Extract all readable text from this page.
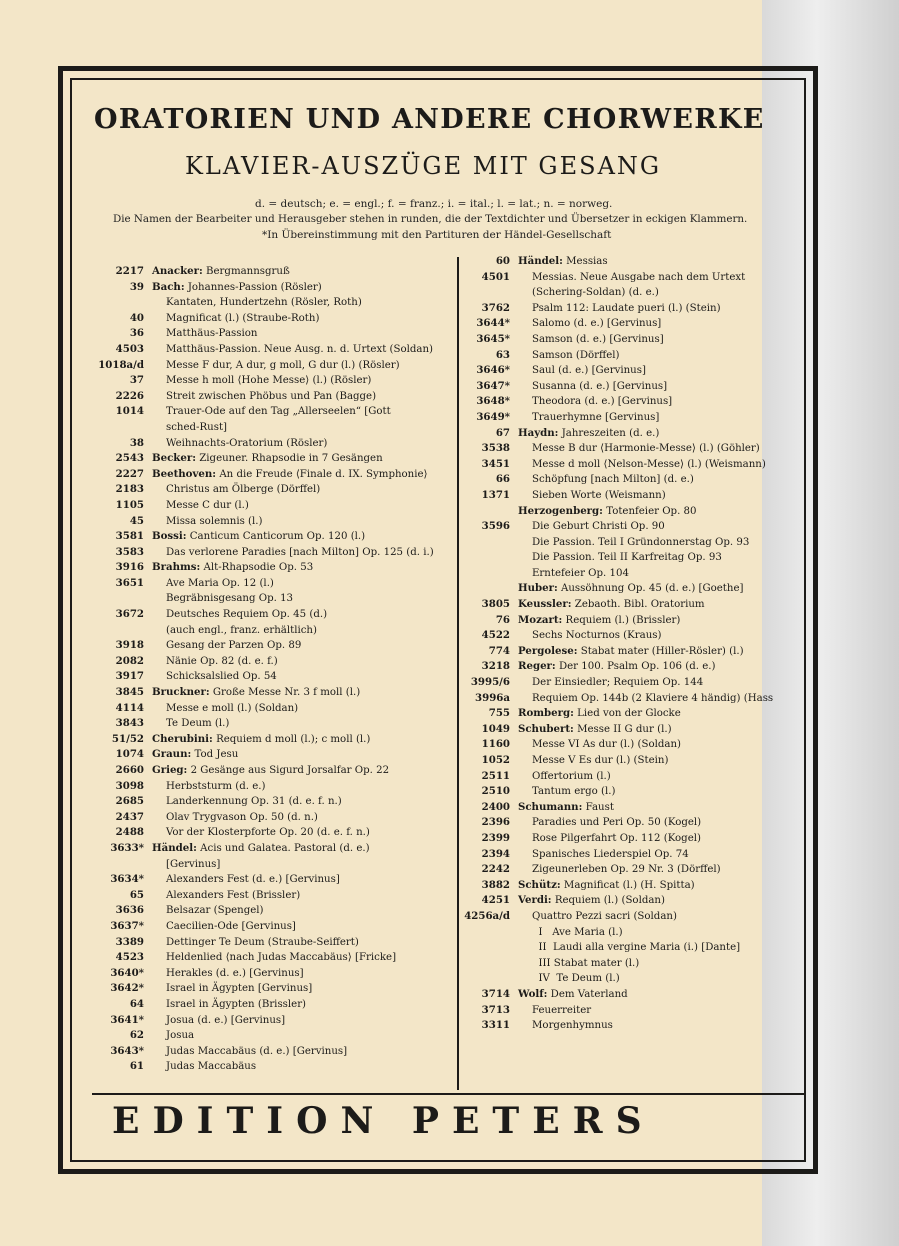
ORATORIEN UND ANDERE CHORWERKE
KLAVIER-AUSZÜGE MIT GESANG
d. = deutsch; e. = engl.; f. = franz.; i. = ital.; l. = lat.; n. = norweg.
Die Namen der Bearbeiter und Herausgeber stehen in runden, die der Textdichter und Übersetzer in eckigen Klammern.
*In Übereinstimmung mit den Partituren der Händel-Gesellschaft
2217 Anacker: Bergmannsgruß
39 Bach: Johannes-Passion (Rösler)
Kantaten, Hundertzehn (Rösler, Roth)
40	Magnificat (l.) (Straube-Roth)
36	Matthäus-Passion
4503	Matthäus-Passion. Neue Ausg. n. d. Urtext (Soldan)
1018a/d	Messe F dur, A dur, g moll, G dur (l.) (Rösler)
37	Messe h moll ⟨Hohe Messe⟩ (l.) (Rösler)
2226	Streit zwischen Phöbus und Pan (Bagge)
1014	Trauer-Ode auf den Tag „Allerseelen“ [Gott
sched-Rust]
38	Weihnachts-Oratorium (Rösler)
2543 Becker: Zigeuner. Rhapsodie in 7 Gesängen
2227 Beethoven: An die Freude ⟨Finale d. IX. Symphonie⟩
2183	Christus am Ölberge (Dörffel)
1105	Messe C dur (l.)
45	Missa solemnis (l.)
3581 Bossi: Canticum Canticorum Op. 120 (l.)
3583	Das verlorene Paradies [nach Milton] Op. 125 (d. i.)
3916 Brahms: Alt-Rhapsodie Op. 53
3651	Ave Maria Op. 12 (l.)
Begräbnisgesang Op. 13
3672	Deutsches Requiem Op. 45 (d.)
(auch engl., franz. erhältlich)
3918	Gesang der Parzen Op. 89
2082	Nänie Op. 82 (d. e. f.)
3917	Schicksalslied Op. 54
3845 Bruckner: Große Messe Nr. 3 f moll (l.)
4114	Messe e moll (l.) (Soldan)
3843	Te Deum (l.)
51/52 Cherubini: Requiem d moll (l.); c moll (l.)
1074 Graun: Tod Jesu
2660 Grieg: 2 Gesänge aus Sigurd Jorsalfar Op. 22
3098	Herbststurm (d. e.)
2685	Landerkennung Op. 31 (d. e. f. n.)
2437	Olav Trygvason Op. 50 (d. n.)
2488	Vor der Klosterpforte Op. 20 (d. e. f. n.)
3633* Händel: Acis und Galatea. Pastoral (d. e.)
[Gervinus]
3634*	Alexanders Fest (d. e.) [Gervinus]
65	Alexanders Fest (Brissler)
3636	Belsazar (Spengel)
3637*	Caecilien-Ode [Gervinus]
3389	Dettinger Te Deum (Straube-Seiffert)
4523	Heldenlied ⟨nach Judas Maccabäus⟩ [Fricke]
3640*	Herakles (d. e.) [Gervinus]
3642*	Israel in Ägypten [Gervinus]
64	Israel in Ägypten (Brissler)
3641*	Josua (d. e.) [Gervinus]
62	Josua
3643*	Judas Maccabäus (d. e.) [Gervinus]
61	Judas Maccabäus
60 Händel: Messias
4501	Messias. Neue Ausgabe nach dem Urtext
(Schering-Soldan) (d. e.)
3762	Psalm 112: Laudate pueri (l.) (Stein)
3644*	Salomo (d. e.) [Gervinus]
3645*	Samson (d. e.) [Gervinus]
63	Samson (Dörffel)
3646*	Saul (d. e.) [Gervinus]
3647*	Susanna (d. e.) [Gervinus]
3648*	Theodora (d. e.) [Gervinus]
3649*	Trauerhymne [Gervinus]
67 Haydn: Jahreszeiten (d. e.)
3538	Messe B dur ⟨Harmonie-Messe⟩ (l.) (Göhler)
3451	Messe d moll ⟨Nelson-Messe⟩ (l.) (Weismann)
66	Schöpfung [nach Milton] (d. e.)
1371	Sieben Worte (Weismann)
Herzogenberg: Totenfeier Op. 80
3596	Die Geburt Christi Op. 90
Die Passion. Teil I Gründonnerstag Op. 93
Die Passion. Teil II Karfreitag Op. 93
Erntefeier Op. 104
Huber: Aussöhnung Op. 45 (d. e.) [Goethe]
3805 Keussler: Zebaoth. Bibl. Oratorium
76 Mozart: Requiem (l.) (Brissler)
4522	Sechs Nocturnos (Kraus)
774 Pergolese: Stabat mater (Hiller-Rösler) (l.)
3218 Reger: Der 100. Psalm Op. 106 (d. e.)
3995/6	Der Einsiedler; Requiem Op. 144
3996a	Requiem Op. 144b (2 Klaviere 4 händig) (Hass
755 Romberg: Lied von der Glocke
1049 Schubert: Messe II G dur (l.)
1160	Messe VI As dur (l.) (Soldan)
1052	Messe V Es dur (l.) (Stein)
2511	Offertorium (l.)
2510	Tantum ergo (l.)
2400 Schumann: Faust
2396	Paradies und Peri Op. 50 (Kogel)
2399	Rose Pilgerfahrt Op. 112 (Kogel)
2394	Spanisches Liederspiel Op. 74
2242	Zigeunerleben Op. 29 Nr. 3 (Dörffel)
3882 Schütz: Magnificat (l.) (H. Spitta)
4251 Verdi: Requiem (l.) (Soldan)
4256a/d	Quattro Pezzi sacri (Soldan)
I   Ave Maria (l.)
II  Laudi alla vergine Maria (i.) [Dante]
III Stabat mater (l.)
IV  Te Deum (l.)
3714 Wolf: Dem Vaterland
3713	Feuerreiter
3311	Morgenhymnus
EDITION PETERS
